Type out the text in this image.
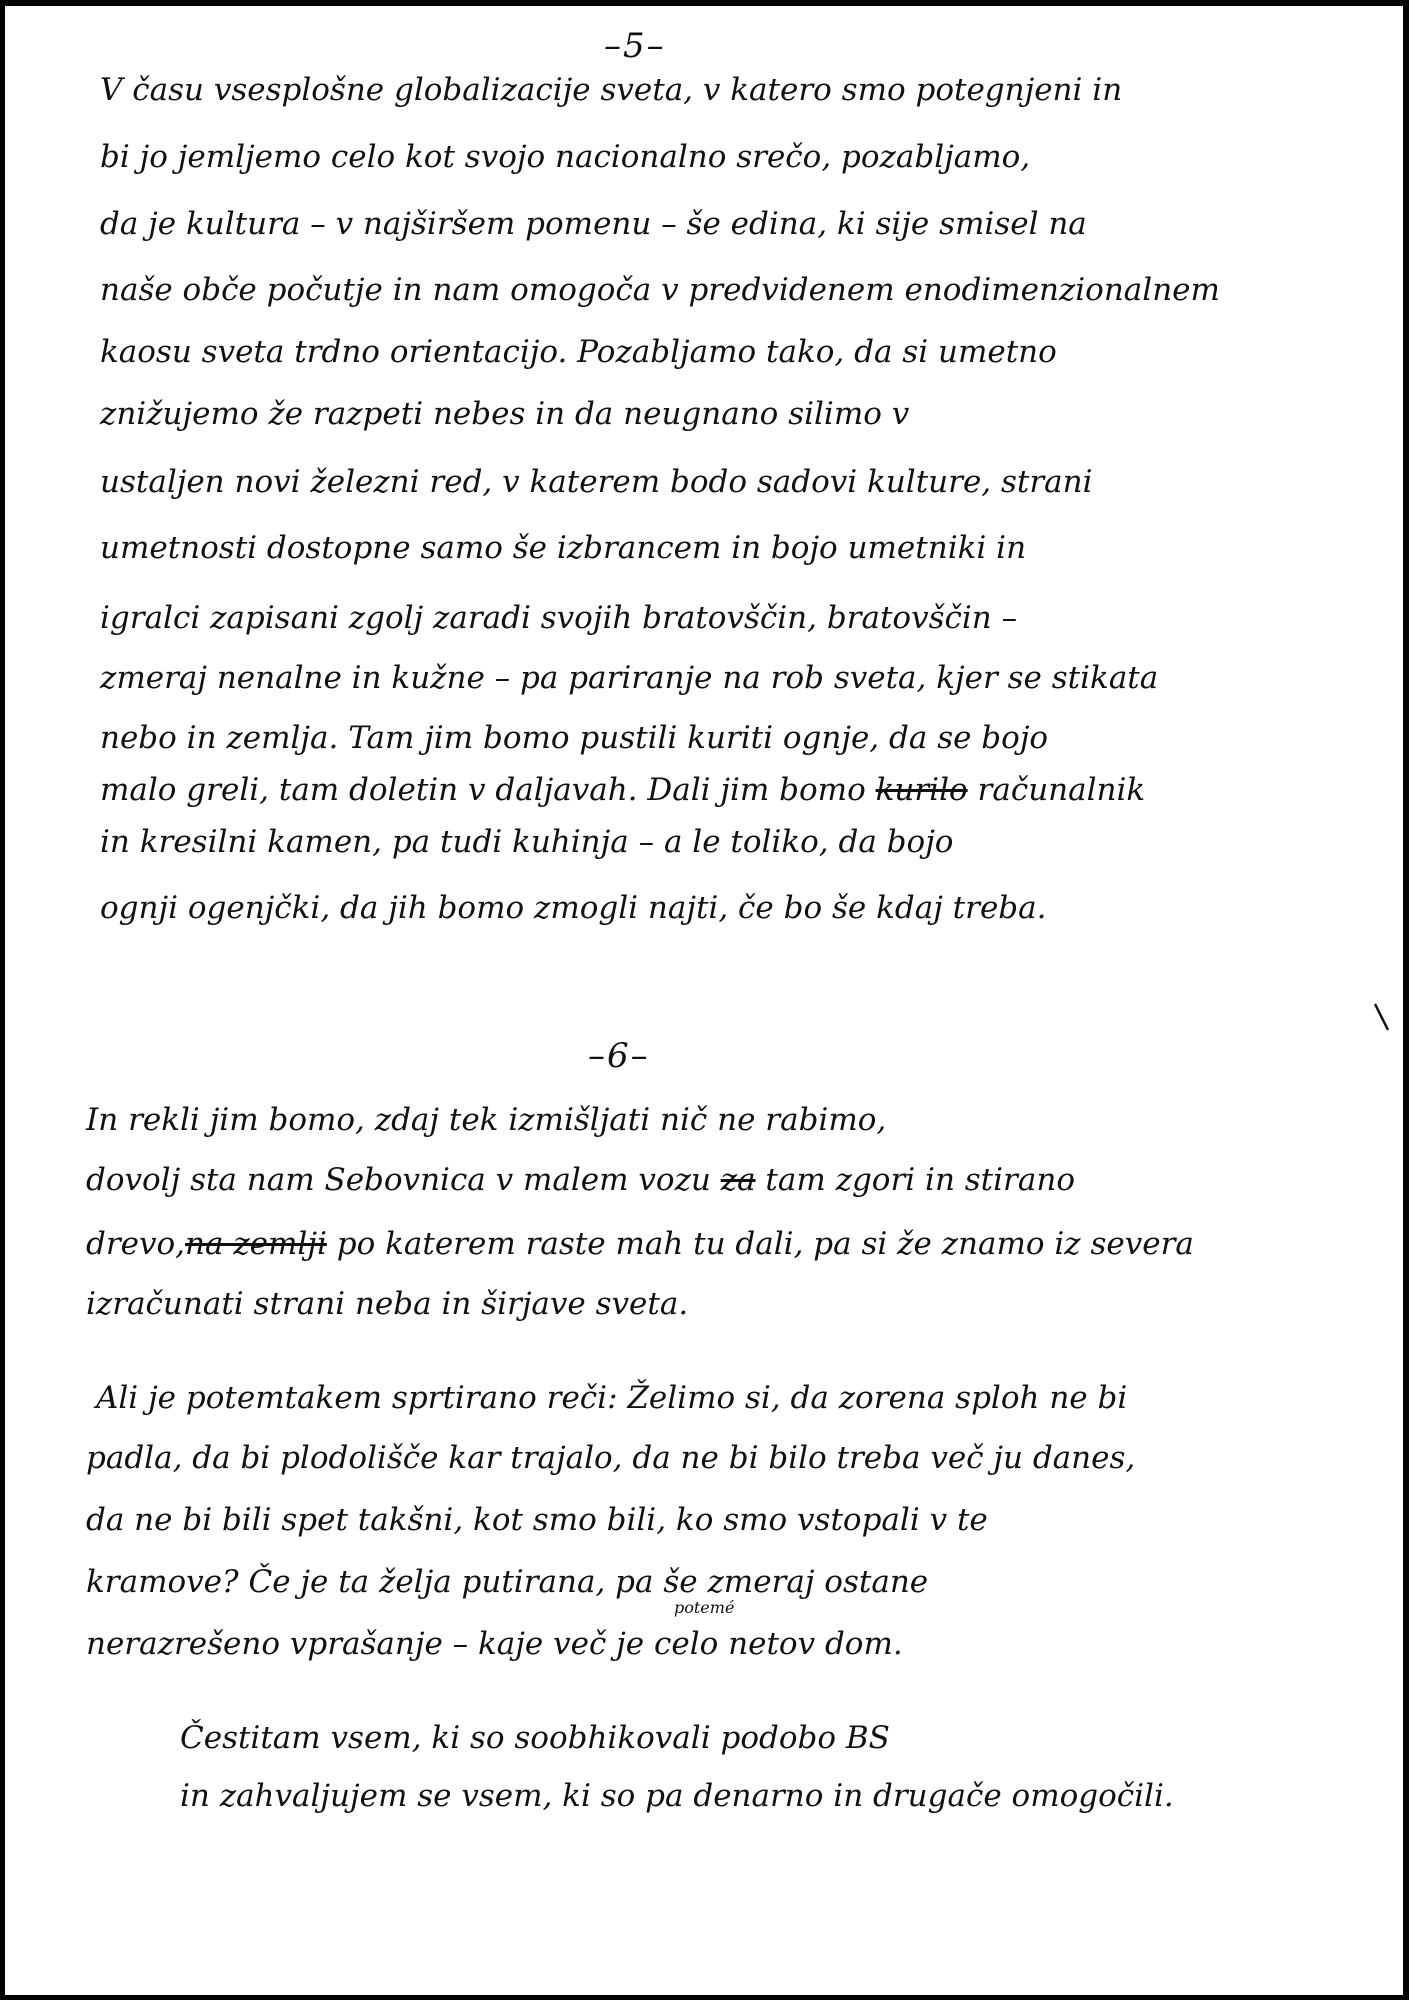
–5–
V času vsesplošne globalizacije sveta, v katero smo potegnjeni in
bi jo jemljemo celo kot svojo nacionalno srečo, pozabljamo,
da je kultura – v najširšem pomenu – še edina, ki sije smisel na
naše obče počutje in nam omogoča v predvidenem enodimenzionalnem
kaosu sveta trdno orientacijo. Pozabljamo tako, da si umetno
znižujemo že razpeti nebes in da neugnano silimo v
ustaljen novi železni red, v katerem bodo sadovi kulture, strani
umetnosti dostopne samo še izbrancem in bojo umetniki in
igralci zapisani zgolj zaradi svojih bratovščin, bratovščin –
zmeraj nenalne in kužne – pa pariranje na rob sveta, kjer se stikata
nebo in zemlja. Tam jim bomo pustili kuriti ognje, da se bojo
malo greli, tam doletin v daljavah. Dali jim bomo kurilo računalnik
in kresilni kamen, pa tudi kuhinja – a le toliko, da bojo
ognji ogenjčki, da jih bomo zmogli najti, če bo še kdaj treba.
–6–
In rekli jim bomo, zdaj tek izmišljati nič ne rabimo,
dovolj sta nam Sebovnica v malem vozu za tam zgori in stirano
drevo,na zemlji po katerem raste mah tu dali, pa si že znamo iz severa
izračunati strani neba in širjave sveta.
Ali je potemtakem sprtirano reči: Želimo si, da zorena sploh ne bi
padla, da bi plodolišče kar trajalo, da ne bi bilo treba več ju danes,
da ne bi bili spet takšni, kot smo bili, ko smo vstopali v te
kramove? Če je ta želja putirana, pa še zmeraj ostane
nerazrešeno vprašanje – kaje več je
potemé
celo netov dom.
Čestitam vsem, ki so soobhikovali podobo BS
in zahvaljujem se vsem, ki so pa denarno in drugače omogočili.
